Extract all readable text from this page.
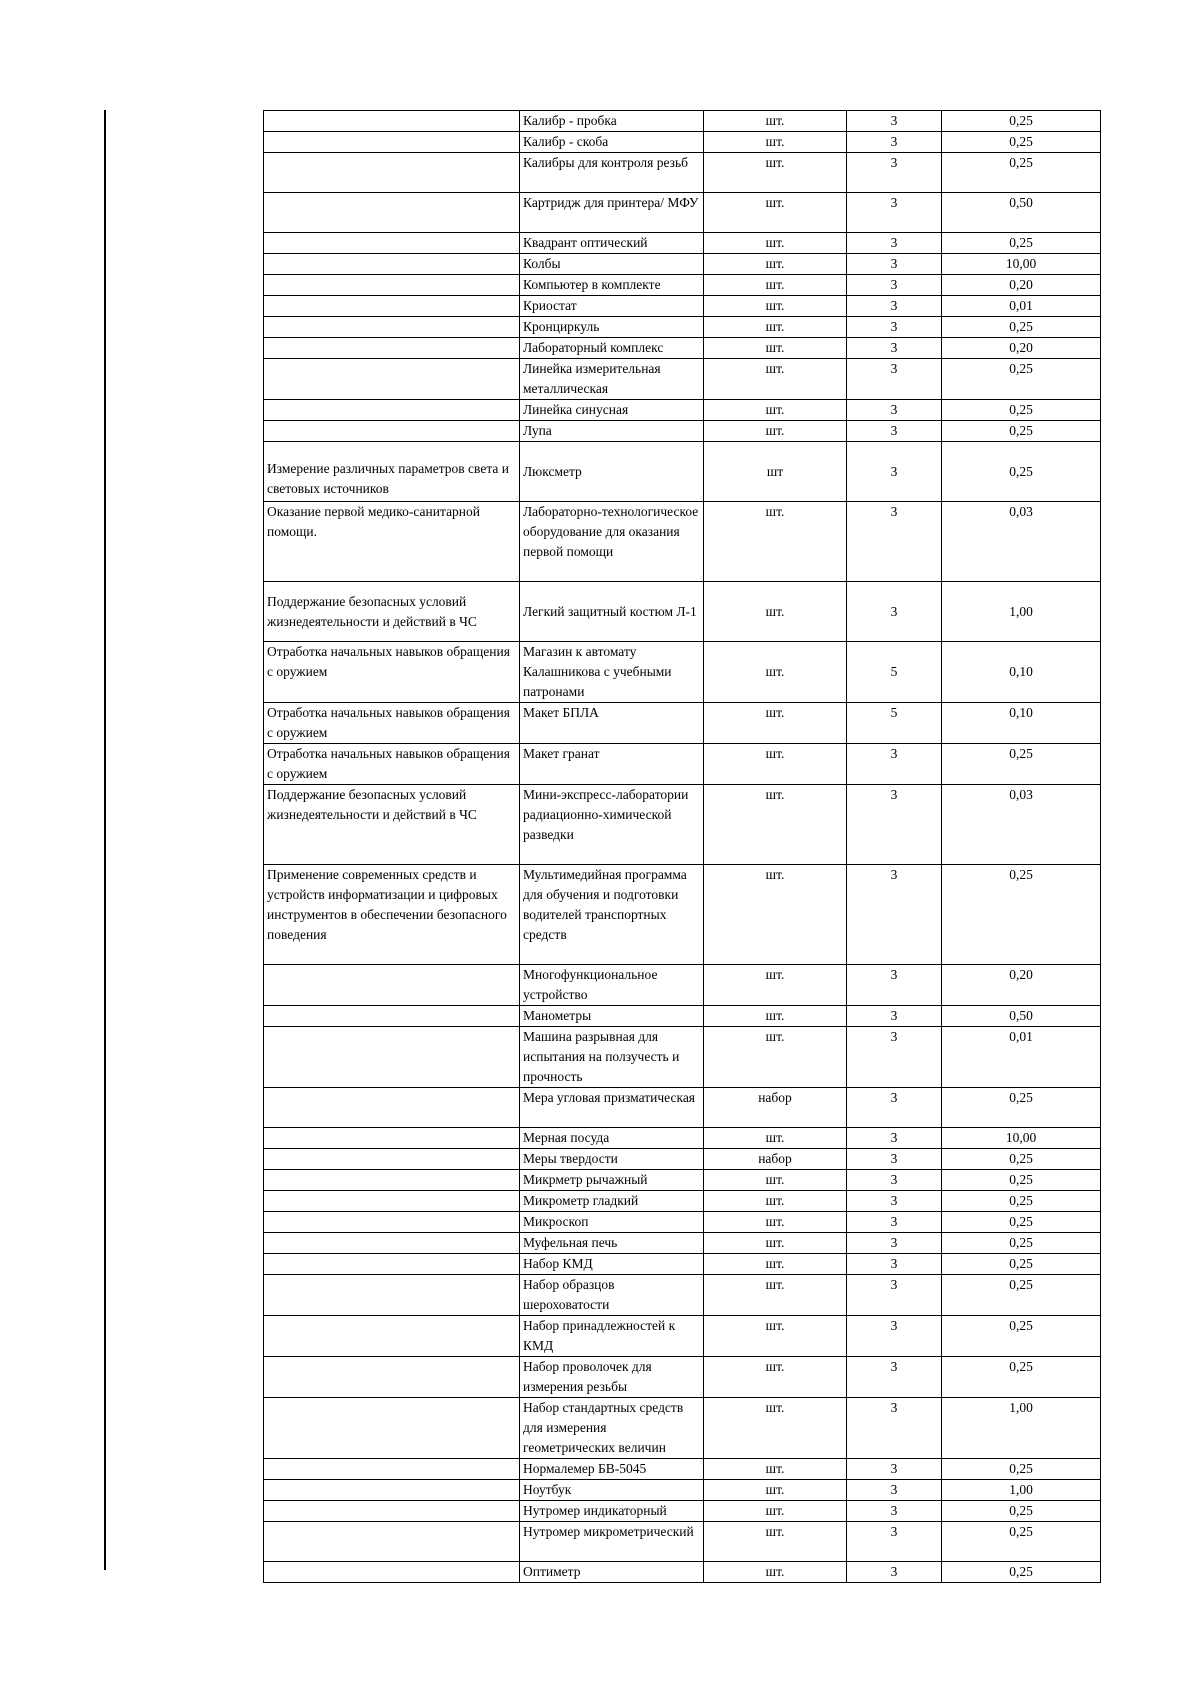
	Калибр - пробка	шт.	3	0,25
	Калибр - скоба	шт.	3	0,25
	Калибры для контроля резьб	шт.	3	0,25
	Картридж для принтера/ МФУ	шт.	3	0,50
	Квадрант оптический	шт.	3	0,25
	Колбы	шт.	3	10,00
	Компьютер в комплекте	шт.	3	0,20
	Криостат	шт.	3	0,01
	Кронциркуль	шт.	3	0,25
	Лабораторный комплекс	шт.	3	0,20
	Линейка измерительная металлическая	шт.	3	0,25
	Линейка синусная	шт.	3	0,25
	Лупа	шт.	3	0,25
Измерение различных параметров света и световых источников	Люксметр	шт	3	0,25
Оказание первой медико-санитарной помощи.	Лабораторно-технологическое оборудование для оказания первой помощи	шт.	3	0,03
Поддержание безопасных условий жизнедеятельности и действий в ЧС	Легкий защитный костюм Л-1	шт.	3	1,00
Отработка начальных навыков обращения с оружием	Магазин к автомату Калашникова с учебными патронами	шт.	5	0,10
Отработка начальных навыков обращения с оружием	Макет БПЛА	шт.	5	0,10
Отработка начальных навыков обращения с оружием	Макет гранат	шт.	3	0,25
Поддержание безопасных условий жизнедеятельности и действий в ЧС	Мини-экспресс-лаборатории радиационно-химической разведки	шт.	3	0,03
Применение современных средств и устройств информатизации и цифровых инструментов в обеспечении безопасного поведения	Мультимедийная программа для обучения и подготовки водителей транспортных средств	шт.	3	0,25
	Многофункциональное устройство	шт.	3	0,20
	Манометры	шт.	3	0,50
	Машина разрывная для испытания на ползучесть и прочность	шт.	3	0,01
	Мера угловая призматическая	набор	3	0,25
	Мерная посуда	шт.	3	10,00
	Меры твердости	набор	3	0,25
	Микрметр рычажный	шт.	3	0,25
	Микрометр гладкий	шт.	3	0,25
	Микроскоп	шт.	3	0,25
	Муфельная печь	шт.	3	0,25
	Набор КМД	шт.	3	0,25
	Набор образцов шероховатости	шт.	3	0,25
	Набор принадлежностей к КМД	шт.	3	0,25
	Набор проволочек для измерения резьбы	шт.	3	0,25
	Набор стандартных средств для измерения геометрических величин	шт.	3	1,00
	Нормалемер БВ-5045	шт.	3	0,25
	Ноутбук	шт.	3	1,00
	Нутромер индикаторный	шт.	3	0,25
	Нутромер микрометрический	шт.	3	0,25
	Оптиметр	шт.	3	0,25
